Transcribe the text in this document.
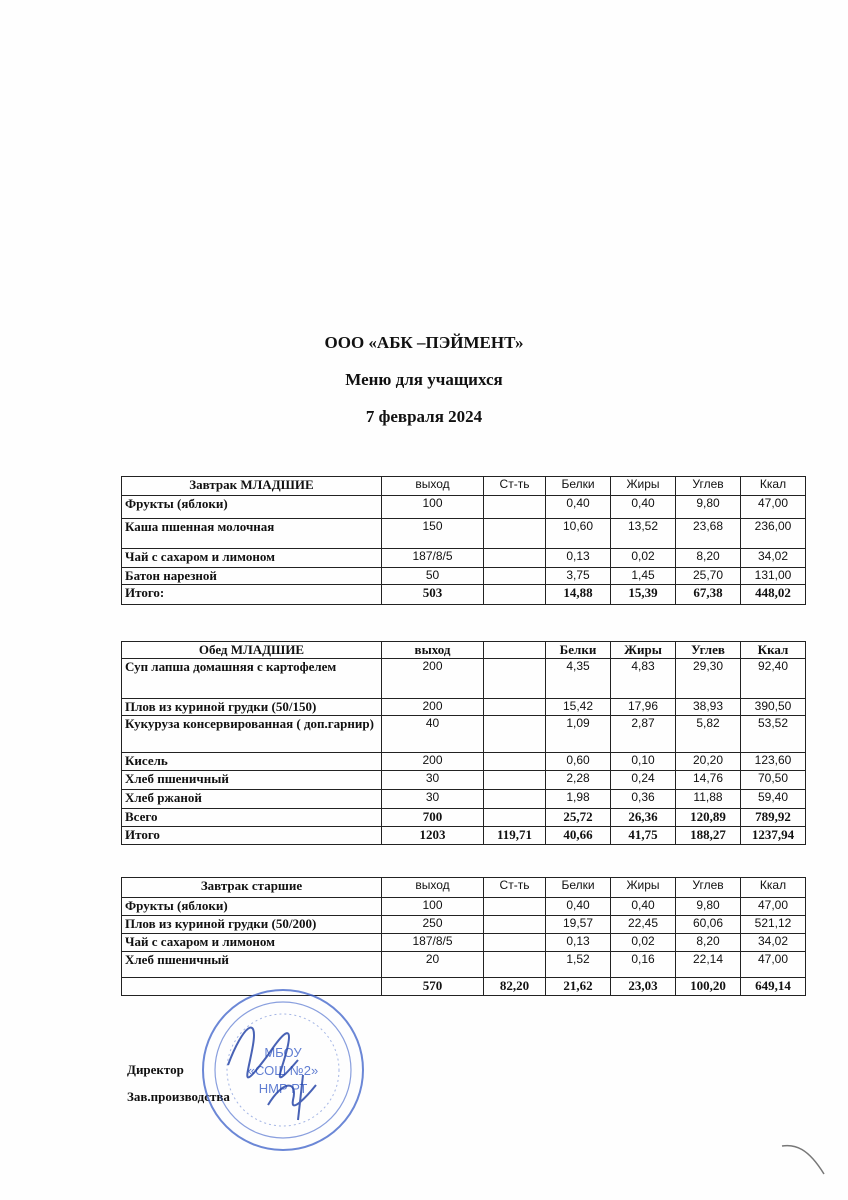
ООО «АБК –ПЭЙМЕНТ»
Меню для учащихся
7 февраля 2024
Завтрак МЛАДШИЕ	выход	Ст-ть	Белки	Жиры	Углев	Ккал
Фрукты (яблоки)	100		0,40	0,40	9,80	47,00
Каша пшенная молочная	150		10,60	13,52	23,68	236,00
Чай с сахаром и лимоном	187/8/5		0,13	0,02	8,20	34,02
Батон нарезной	50		3,75	1,45	25,70	131,00
Итого:	503		14,88	15,39	67,38	448,02
Обед МЛАДШИЕ	выход		Белки	Жиры	Углев	Ккал
Суп лапша домашняя с картофелем	200		4,35	4,83	29,30	92,40
Плов из куриной грудки (50/150)	200		15,42	17,96	38,93	390,50
Кукуруза консервированная ( доп.гарнир)	40		1,09	2,87	5,82	53,52
Кисель	200		0,60	0,10	20,20	123,60
Хлеб пшеничный	30		2,28	0,24	14,76	70,50
Хлеб ржаной	30		1,98	0,36	11,88	59,40
Всего	700		25,72	26,36	120,89	789,92
Итого	1203	119,71	40,66	41,75	188,27	1237,94
Завтрак старшие	выход	Ст-ть	Белки	Жиры	Углев	Ккал
Фрукты (яблоки)	100		0,40	0,40	9,80	47,00
Плов из куриной грудки (50/200)	250		19,57	22,45	60,06	521,12
Чай с сахаром и лимоном	187/8/5		0,13	0,02	8,20	34,02
Хлеб пшеничный	20		1,52	0,16	22,14	47,00
	570	82,20	21,62	23,03	100,20	649,14
Директор
Зав.производства
МБОУ
«СОШ №2»
НМР РТ
